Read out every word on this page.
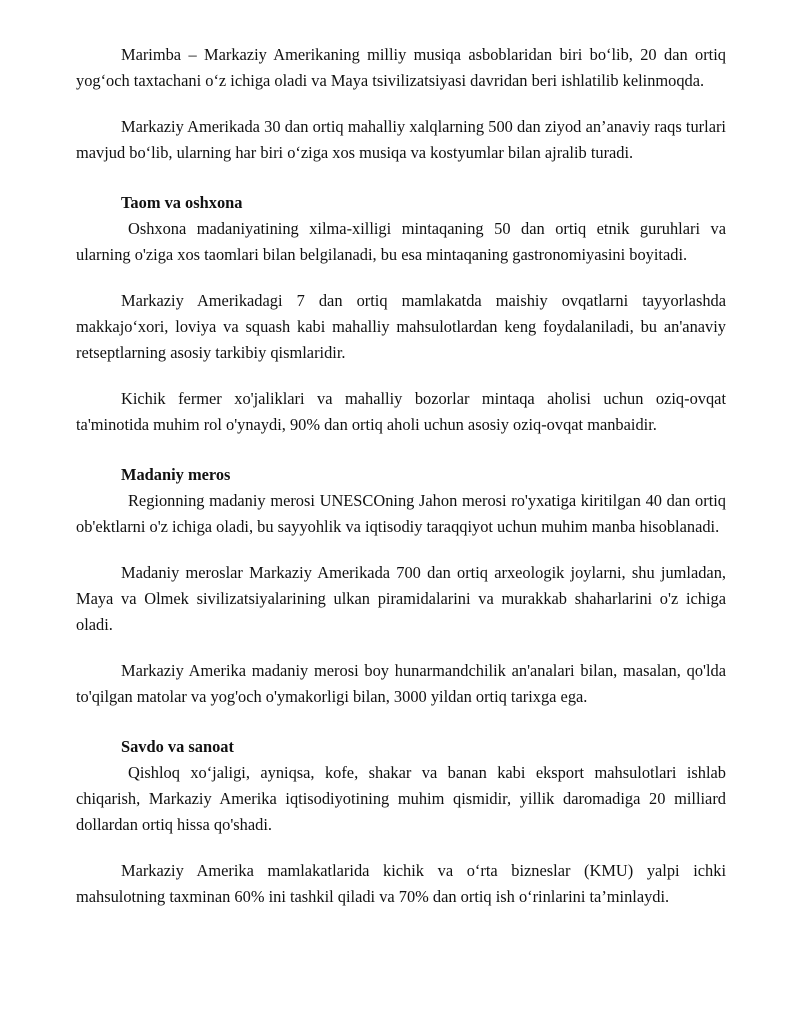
Marimba – Markaziy Amerikaning milliy musiqa asboblaridan biri bo‘lib, 20 dan ortiq yog‘och taxtachani o‘z ichiga oladi va Maya tsivilizatsiyasi davridan beri ishlatilib kelinmoqda.

Markaziy Amerikada 30 dan ortiq mahalliy xalqlarning 500 dan ziyod an’anaviy raqs turlari mavjud bo‘lib, ularning har biri o‘ziga xos musiqa va kostyumlar bilan ajralib turadi.

Taom va oshxona

Oshxona madaniyatining xilma-xilligi mintaqaning 50 dan ortiq etnik guruhlari va ularning o'ziga xos taomlari bilan belgilanadi, bu esa mintaqaning gastronomiyasini boyitadi.

Markaziy Amerikadagi 7 dan ortiq mamlakatda maishiy ovqatlarni tayyorlashda makkajo‘xori, loviya va squash kabi mahalliy mahsulotlardan keng foydalaniladi, bu an'anaviy retseptlarning asosiy tarkibiy qismlaridir.

Kichik fermer xo'jaliklari va mahalliy bozorlar mintaqa aholisi uchun oziq-ovqat ta'minotida muhim rol o'ynaydi, 90% dan ortiq aholi uchun asosiy oziq-ovqat manbaidir.

Madaniy meros

Regionning madaniy merosi UNESCOning Jahon merosi ro'yxatiga kiritilgan 40 dan ortiq ob'ektlarni o'z ichiga oladi, bu sayyohlik va iqtisodiy taraqqiyot uchun muhim manba hisoblanadi.

Madaniy meroslar Markaziy Amerikada 700 dan ortiq arxeologik joylarni, shu jumladan, Maya va Olmek sivilizatsiyalarining ulkan piramidalarini va murakkab shaharlarini o'z ichiga oladi.

Markaziy Amerika madaniy merosi boy hunarmandchilik an'analari bilan, masalan, qo'lda to'qilgan matolar va yog'och o'ymakorligi bilan, 3000 yildan ortiq tarixga ega.

Savdo va sanoat

Qishloq xo‘jaligi, ayniqsa, kofe, shakar va banan kabi eksport mahsulotlari ishlab chiqarish, Markaziy Amerika iqtisodiyotining muhim qismidir, yillik daromadiga 20 milliard dollardan ortiq hissa qo'shadi.

Markaziy Amerika mamlakatlarida kichik va o‘rta bizneslar (KMU) yalpi ichki mahsulotning taxminan 60% ini tashkil qiladi va 70% dan ortiq ish o‘rinlarini ta’minlaydi.
